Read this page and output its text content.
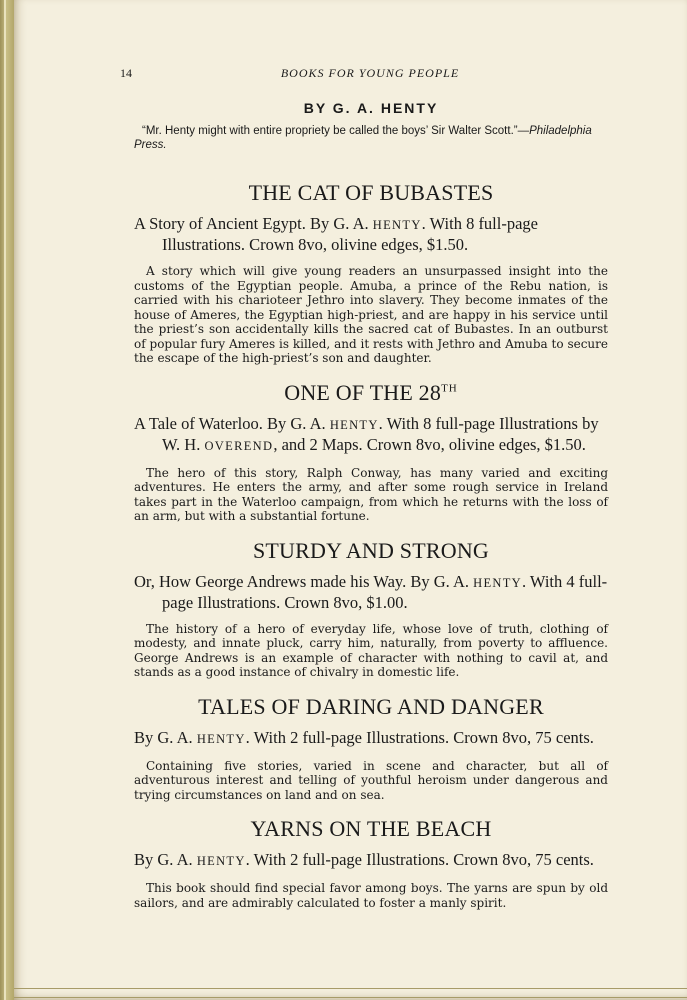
14	BOOKS FOR YOUNG PEOPLE

BY G. A. HENTY

“Mr. Henty might with entire propriety be called the boys’ Sir Walter Scott.”—Philadelphia Press.

THE CAT OF BUBASTES

A Story of Ancient Egypt. By G. A. HENTY. With 8 full-page Illustrations. Crown 8vo, olivine edges, $1.50.

A story which will give young readers an unsurpassed insight into the customs of the Egyptian people. Amuba, a prince of the Rebu nation, is carried with his charioteer Jethro into slavery. They become inmates of the house of Ameres, the Egyptian high-priest, and are happy in his service until the priest’s son accidentally kills the sacred cat of Bubastes. In an outburst of popular fury Ameres is killed, and it rests with Jethro and Amuba to secure the escape of the high-priest’s son and daughter.

ONE OF THE 28TH

A Tale of Waterloo. By G. A. HENTY. With 8 full-page Illustrations by W. H. OVEREND, and 2 Maps. Crown 8vo, olivine edges, $1.50.

The hero of this story, Ralph Conway, has many varied and exciting adventures. He enters the army, and after some rough service in Ireland takes part in the Waterloo campaign, from which he returns with the loss of an arm, but with a substantial fortune.

STURDY AND STRONG

Or, How George Andrews made his Way. By G. A. HENTY. With 4 full-page Illustrations. Crown 8vo, $1.00.

The history of a hero of everyday life, whose love of truth, clothing of modesty, and innate pluck, carry him, naturally, from poverty to affluence. George Andrews is an example of character with nothing to cavil at, and stands as a good instance of chivalry in domestic life.

TALES OF DARING AND DANGER

By G. A. HENTY. With 2 full-page Illustrations. Crown 8vo, 75 cents.

Containing five stories, varied in scene and character, but all of adventurous interest and telling of youthful heroism under dangerous and trying circumstances on land and on sea.

YARNS ON THE BEACH

By G. A. HENTY. With 2 full-page Illustrations. Crown 8vo, 75 cents.

This book should find special favor among boys. The yarns are spun by old sailors, and are admirably calculated to foster a manly spirit.
